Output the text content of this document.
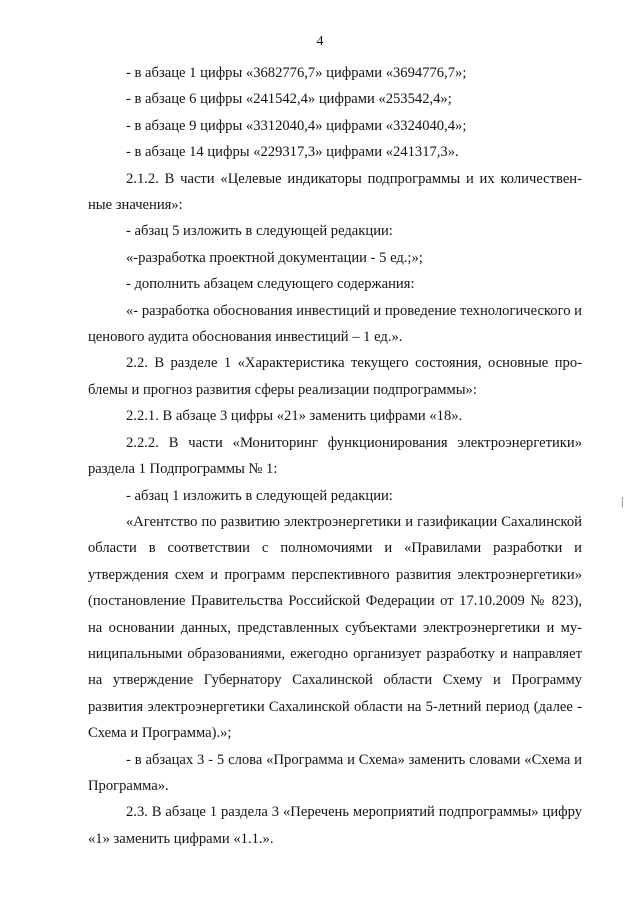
4

- в абзаце 1 цифры «3682776,7» цифрами «3694776,7»;

- в абзаце 6 цифры «241542,4» цифрами «253542,4»;

- в абзаце 9 цифры «3312040,4» цифрами «3324040,4»;

- в абзаце 14 цифры «229317,3» цифрами «241317,3».

2.1.2. В части «Целевые индикаторы подпрограммы и их количественные значения»:

- абзац 5 изложить в следующей редакции:

«-разработка проектной документации - 5 ед.;»;

- дополнить абзацем следующего содержания:

«- разработка обоснования инвестиций и проведение технологического и ценового аудита обоснования инвестиций – 1 ед.».

2.2. В разделе 1 «Характеристика текущего состояния, основные проблемы и прогноз развития сферы реализации подпрограммы»:

2.2.1. В абзаце 3 цифры «21» заменить цифрами «18».

2.2.2. В части «Мониторинг функционирования электроэнергетики» раздела 1 Подпрограммы № 1:

- абзац 1 изложить в следующей редакции:

«Агентство по развитию электроэнергетики и газификации Сахалинской области в соответствии с полномочиями и «Правилами разработки и утверждения схем и программ перспективного развития электроэнергетики» (постановление Правительства Российской Федерации от 17.10.2009 № 823), на основании данных, представленных субъектами электроэнергетики и муниципальными образованиями, ежегодно организует разработку и направляет на утверждение Губернатору Сахалинской области Схему и Программу развития электроэнергетики Сахалинской области на 5-летний период (далее - Схема и Программа).»;

- в абзацах 3 - 5 слова «Программа и Схема» заменить словами «Схема и Программа».

2.3. В абзаце 1 раздела 3 «Перечень мероприятий подпрограммы» цифру «1» заменить цифрами «1.1.».

|
